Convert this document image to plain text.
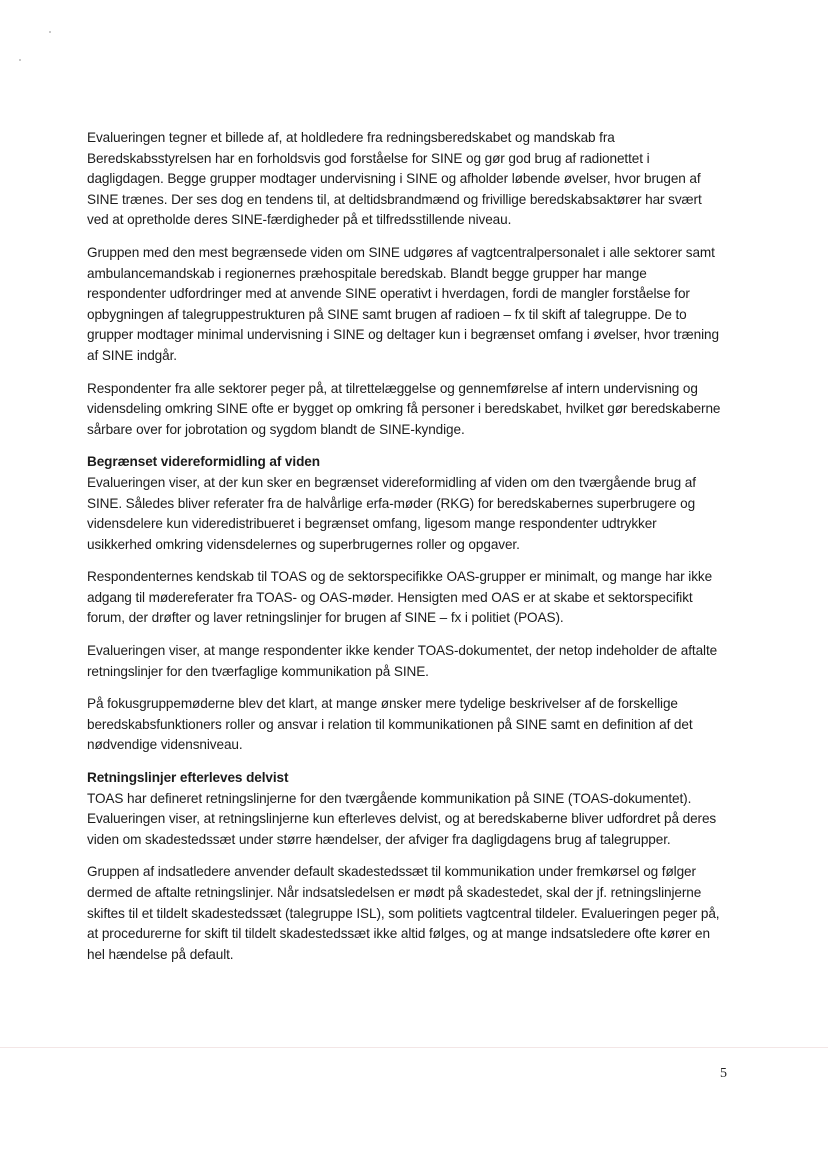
Evalueringen tegner et billede af, at holdledere fra redningsberedskabet og mandskab fra Beredskabsstyrelsen har en forholdsvis god forståelse for SINE og gør god brug af radionettet i dagligdagen. Begge grupper modtager undervisning i SINE og afholder løbende øvelser, hvor brugen af SINE trænes. Der ses dog en tendens til, at deltidsbrandmænd og frivillige beredskabsaktører har svært ved at opretholde deres SINE-færdigheder på et tilfredsstillende niveau.

Gruppen med den mest begrænsede viden om SINE udgøres af vagtcentralpersonalet i alle sektorer samt ambulancemandskab i regionernes præhospitale beredskab. Blandt begge grupper har mange respondenter udfordringer med at anvende SINE operativt i hverdagen, fordi de mangler forståelse for opbygningen af talegruppestrukturen på SINE samt brugen af radioen – fx til skift af talegruppe. De to grupper modtager minimal undervisning i SINE og deltager kun i begrænset omfang i øvelser, hvor træning af SINE indgår.

Respondenter fra alle sektorer peger på, at tilrettelæggelse og gennemførelse af intern undervisning og vidensdeling omkring SINE ofte er bygget op omkring få personer i beredskabet, hvilket gør beredskaberne sårbare over for jobrotation og sygdom blandt de SINE-kyndige.

Begrænset videreformidling af viden
Evalueringen viser, at der kun sker en begrænset videreformidling af viden om den tværgående brug af SINE. Således bliver referater fra de halvårlige erfa-møder (RKG) for beredskabernes superbrugere og vidensdelere kun videredistribueret i begrænset omfang, ligesom mange respondenter udtrykker usikkerhed omkring vidensdelernes og superbrugernes roller og opgaver.

Respondenternes kendskab til TOAS og de sektorspecifikke OAS-grupper er minimalt, og mange har ikke adgang til mødereferater fra TOAS- og OAS-møder. Hensigten med OAS er at skabe et sektorspecifikt forum, der drøfter og laver retningslinjer for brugen af SINE – fx i politiet (POAS).

Evalueringen viser, at mange respondenter ikke kender TOAS-dokumentet, der netop indeholder de aftalte retningslinjer for den tværfaglige kommunikation på SINE.

På fokusgruppemøderne blev det klart, at mange ønsker mere tydelige beskrivelser af de forskellige beredskabsfunktioners roller og ansvar i relation til kommunikationen på SINE samt en definition af det nødvendige vidensniveau.

Retningslinjer efterleves delvist
TOAS har defineret retningslinjerne for den tværgående kommunikation på SINE (TOAS-dokumentet). Evalueringen viser, at retningslinjerne kun efterleves delvist, og at beredskaberne bliver udfordret på deres viden om skadestedssæt under større hændelser, der afviger fra dagligdagens brug af talegrupper.

Gruppen af indsatledere anvender default skadestedssæt til kommunikation under fremkørsel og følger dermed de aftalte retningslinjer. Når indsatsledelsen er mødt på skadestedet, skal der jf. retningslinjerne skiftes til et tildelt skadestedssæt (talegruppe ISL), som politiets vagtcentral tildeler. Evalueringen peger på, at procedurerne for skift til tildelt skadestedssæt ikke altid følges, og at mange indsatsledere ofte kører en hel hændelse på default.

5
